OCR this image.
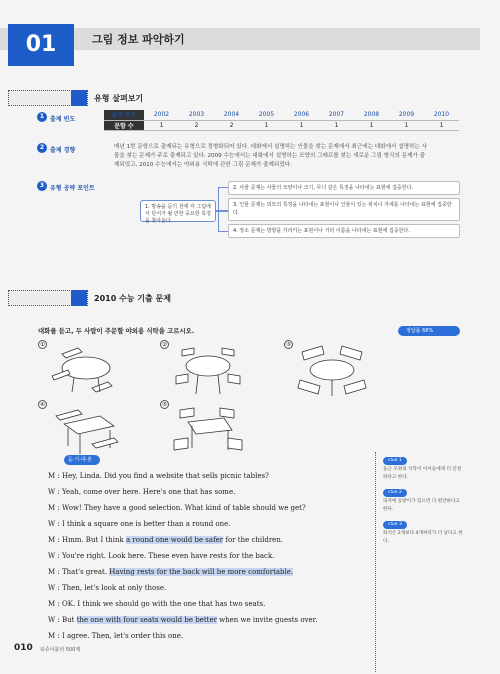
01	그림 정보 파악하기
유형 살펴보기
1 출제 빈도
출제 연도	2002	2003	2004	2005	2006	2007	2008	2009	2010
문항 수	1	2	2	1	1	1	1	1	1
2 출제 경향	매년 1번 문항으로 출제되는 유형으로 정형화되어 있다. 대화에서 설명하는 인물을 찾는 문제에서 최근에는 대화에서 설명하는 사
물을 찾는 문제가 주로 출제되고 있다. 2009 수능에서는 대화에서 설명하는 모양의 그래프를 찾는 새로운 그림 형식의 문제가 출
제되었고, 2010 수능에서는 야외용 식탁에 관한 그림 문제가 출제되었다.
3 유형 공략 포인트
1. 방송을 듣기 전에 각 그림에서 단서가 될 만한 중요한 특징을 찾아둔다.
2. 사물 문제는 사물의 모양이나 크기, 무늬 같은 특징을 나타내는 표현에 집중한다.
3. 인물 문제는 외모의 특징을 나타내는 표현이나 인물이 있는 위치나 자세를 나타내는 표현에 집중한다.
4. 장소 문제는 방향을 가리키는 표현이나 거리 이름을 나타내는 표현에 집중한다.
2010 수능 기출 문제
대화를 듣고, 두 사람이 주문할 야외용 식탁을 고르시오.	정답률 68%
①	②	③
④	⑤
듣·기·대·본
M : Hey, Linda. Did you find a website that sells picnic tables?
W : Yeah, come over here. Here's one that has some.
M : Wow! They have a good selection. What kind of table should we get?
W : I think a square one is better than a round one.
M : Hmm. But I think a round one would be safer for the children.
W : You're right. Look here. These even have rests for the back.
M : That's great. Having rests for the back will be more comfortable.
W : Then, let's look at only those.
M : OK. I think we should go with the one that has two seats.
W : But the one with four seats would be better when we invite guests over.
M : I agree. Then, let's order this one.
clue 1
둥근 모양의 식탁이 아이들에게 더 안전하다고 한다.
clue 2
의자에 등받이가 있으면 더 편안하다고 한다.
clue 3
좌석은 2개보다 4개짜리가 더 낫다고 한다.
010 워쥬어블러 500제
